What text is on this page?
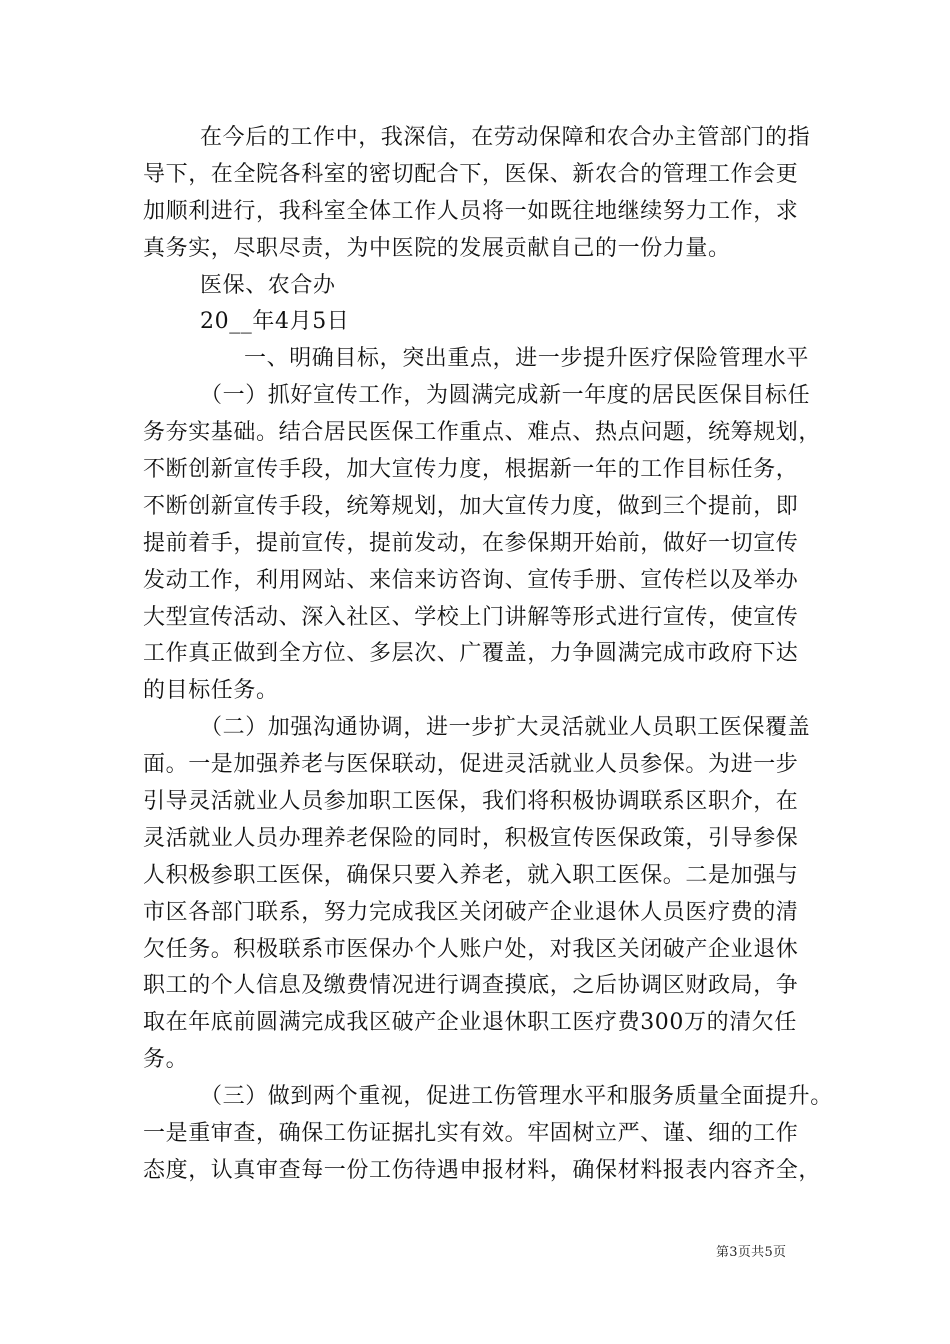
在今后的工作中，我深信，在劳动保障和农合办主管部门的指
导下，在全院各科室的密切配合下，医保、新农合的管理工作会更
加顺利进行，我科室全体工作人员将一如既往地继续努力工作，求
真务实，尽职尽责，为中医院的发展贡献自己的一份力量。
医保、农合办
20__年4月5日
一、明确目标，突出重点，进一步提升医疗保险管理水平
（一）抓好宣传工作，为圆满完成新一年度的居民医保目标任
务夯实基础。结合居民医保工作重点、难点、热点问题，统筹规划，
不断创新宣传手段，加大宣传力度，根据新一年的工作目标任务，
不断创新宣传手段，统筹规划，加大宣传力度，做到三个提前，即
提前着手，提前宣传，提前发动，在参保期开始前，做好一切宣传
发动工作，利用网站、来信来访咨询、宣传手册、宣传栏以及举办
大型宣传活动、深入社区、学校上门讲解等形式进行宣传，使宣传
工作真正做到全方位、多层次、广覆盖，力争圆满完成市政府下达
的目标任务。
（二）加强沟通协调，进一步扩大灵活就业人员职工医保覆盖
面。一是加强养老与医保联动，促进灵活就业人员参保。为进一步
引导灵活就业人员参加职工医保，我们将积极协调联系区职介，在
灵活就业人员办理养老保险的同时，积极宣传医保政策，引导参保
人积极参职工医保，确保只要入养老，就入职工医保。二是加强与
市区各部门联系，努力完成我区关闭破产企业退休人员医疗费的清
欠任务。积极联系市医保办个人账户处，对我区关闭破产企业退休
职工的个人信息及缴费情况进行调查摸底，之后协调区财政局，争
取在年底前圆满完成我区破产企业退休职工医疗费300万的清欠任
务。
（三）做到两个重视，促进工伤管理水平和服务质量全面提升。
一是重审查，确保工伤证据扎实有效。牢固树立严、谨、细的工作
态度，认真审查每一份工伤待遇申报材料，确保材料报表内容齐全，
第3页共5页
